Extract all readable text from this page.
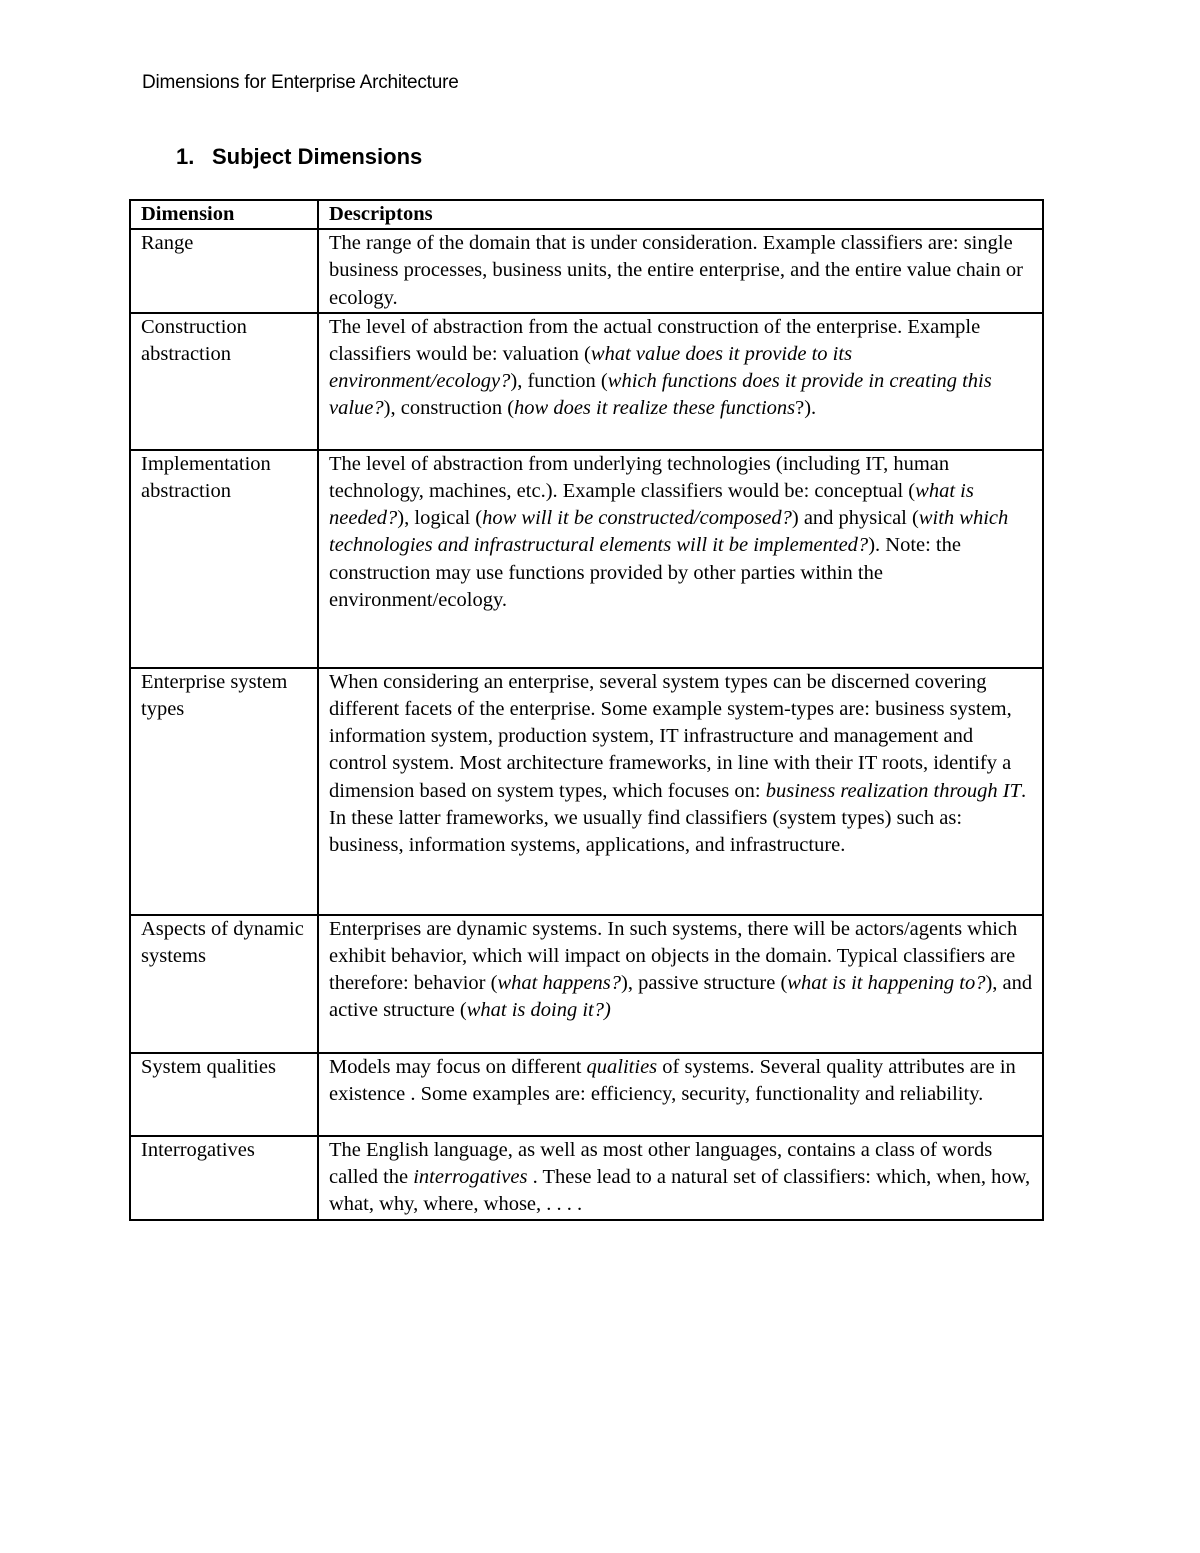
Dimensions for Enterprise Architecture
1. Subject Dimensions
Dimension	Descriptons
Range	The range of the domain that is under consideration. Example classifiers are: single business processes, business units, the entire enterprise, and the entire value chain or ecology.
Construction abstraction	The level of abstraction from the actual construction of the enterprise. Example classifiers would be: valuation (what value does it provide to its environment/ecology?), function (which functions does it provide in creating this value?), construction (how does it realize these functions?).
Implementation abstraction	The level of abstraction from underlying technologies (including IT, human technology, machines, etc.). Example classifiers would be: conceptual (what is needed?), logical (how will it be constructed/composed?) and physical (with which technologies and infrastructural elements will it be implemented?). Note: the construction may use functions provided by other parties within the environment/ecology.
Enterprise system types	When considering an enterprise, several system types can be discerned covering different facets of the enterprise. Some example system-types are: business system, information system, production system, IT infrastructure and management and control system. Most architecture frameworks, in line with their IT roots, identify a dimension based on system types, which focuses on: business realization through IT. In these latter frameworks, we usually find classifiers (system types) such as: business, information systems, applications, and infrastructure.
Aspects of dynamic systems	Enterprises are dynamic systems. In such systems, there will be actors/agents which exhibit behavior, which will impact on objects in the domain. Typical classifiers are therefore: behavior (what happens?), passive structure (what is it happening to?), and active structure (what is doing it?)
System qualities	Models may focus on different qualities of systems. Several quality attributes are in existence . Some examples are: efficiency, security, functionality and reliability.
Interrogatives	The English language, as well as most other languages, contains a class of words called the interrogatives . These lead to a natural set of classifiers: which, when, how, what, why, where, whose, . . . .
